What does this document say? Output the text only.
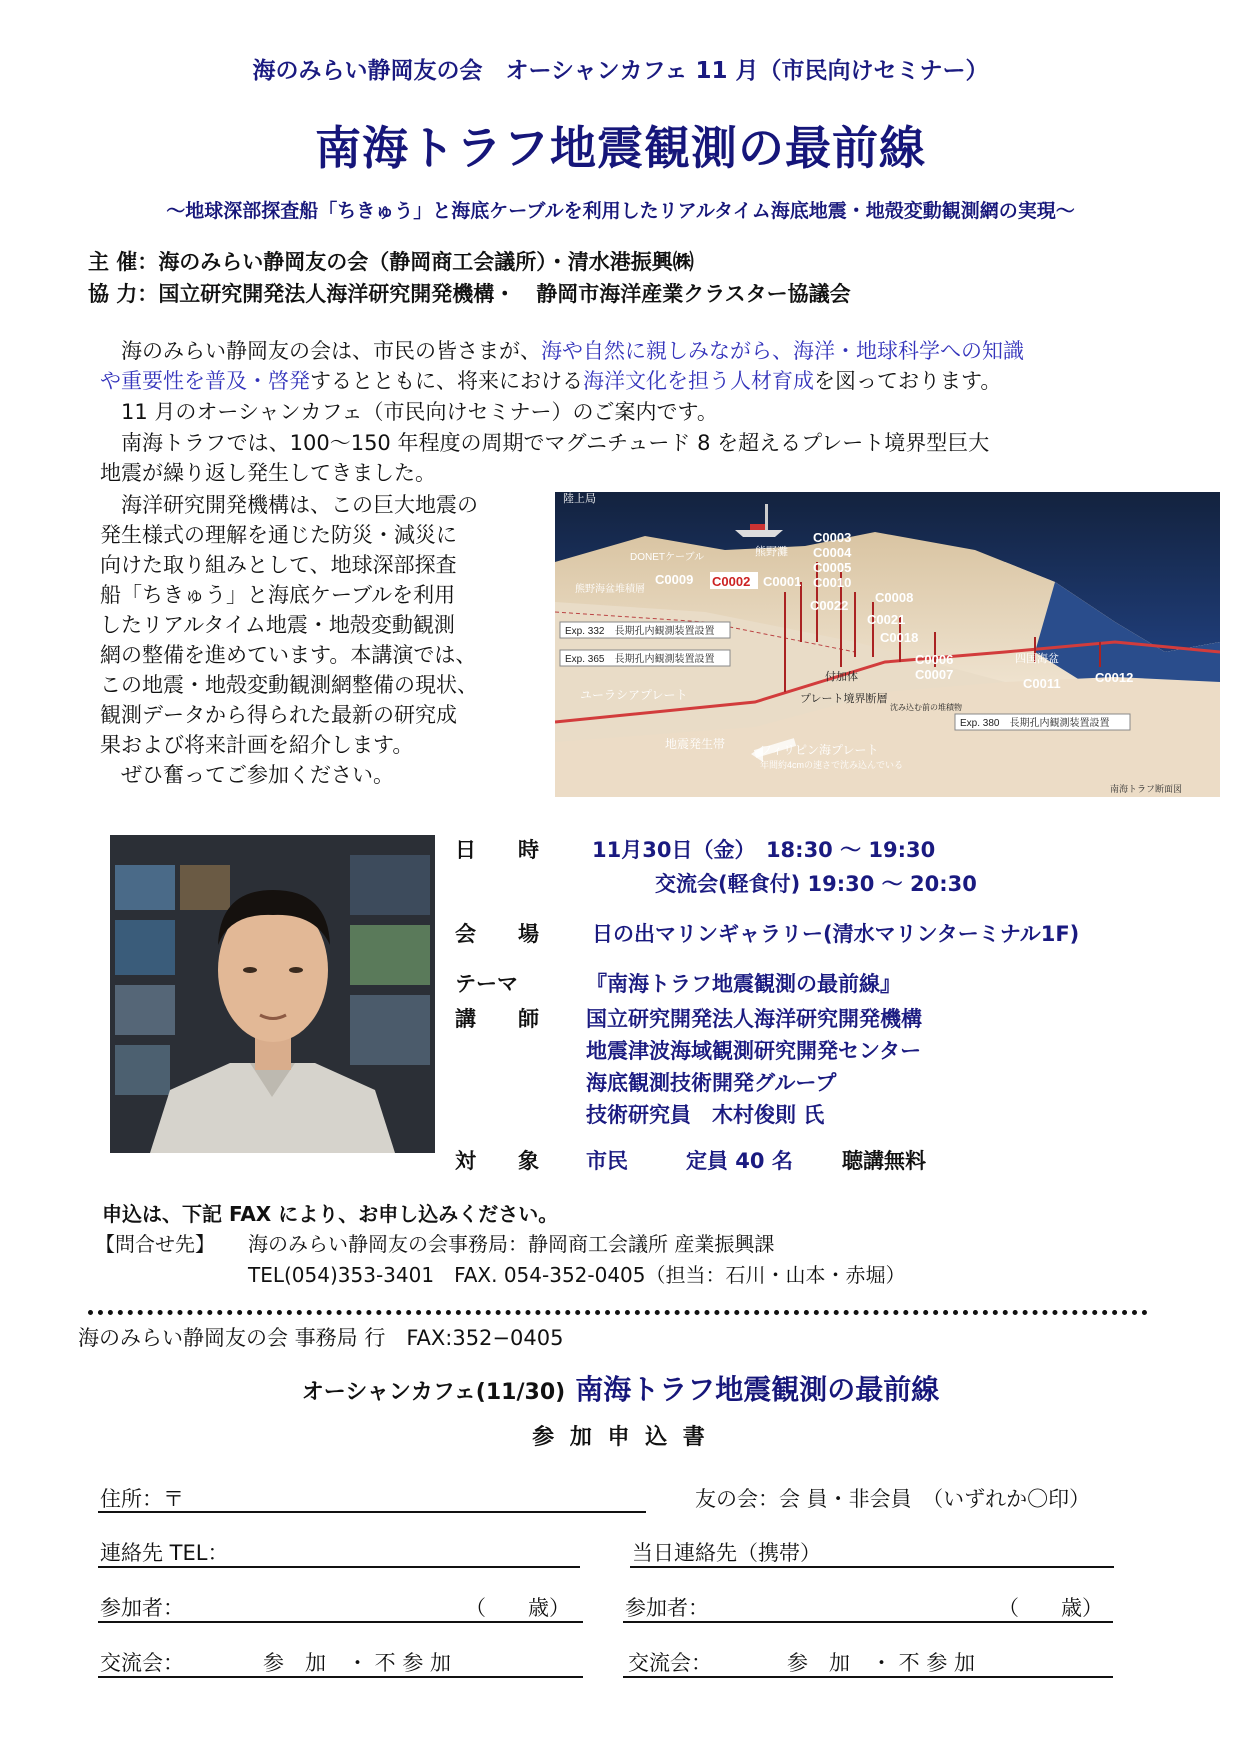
海のみらい静岡友の会　オーシャンカフェ 11 月（市民向けセミナー）
南海トラフ地震観測の最前線
〜地球深部探査船「ちきゅう」と海底ケーブルを利用したリアルタイム海底地震・地殻変動観測網の実現〜
主 催：海のみらい静岡友の会（静岡商工会議所）・清水港振興㈱
協 力：国立研究開発法人海洋研究開発機構・　静岡市海洋産業クラスター協議会
　海のみらい静岡友の会は、市民の皆さまが、海や自然に親しみながら、海洋・地球科学への知識
や重要性を普及・啓発するとともに、将来における海洋文化を担う人材育成を図っております。
　11 月のオーシャンカフェ（市民向けセミナー）のご案内です。
　南海トラフでは、100〜150 年程度の周期でマグニチュード 8 を超えるプレート境界型巨大
地震が繰り返し発生してきました。
　海洋研究開発機構は、この巨大地震の
発生様式の理解を通じた防災・減災に
向けた取り組みとして、地球深部探査
船「ちきゅう」と海底ケーブルを利用
したリアルタイム地震・地殻変動観測
網の整備を進めています。本講演では、
この地震・地殻変動観測網整備の現状、
観測データから得られた最新の研究成
果および将来計画を紹介します。
　ぜひ奮ってご参加ください。
陸上局
DONETケーブル	熊野灘
熊野海盆堆積層
C0003
C0004
C0005
C0010
C0009 C0002 C0001
C0022
C0008
C0021
C0018
C0006
C0007
C0011	C0012
Exp. 332　長期孔内観測装置設置
Exp. 365　長期孔内観測装置設置
Exp. 380　長期孔内観測装置設置
ユーラシアプレート
付加体
プレート境界断層
沈み込む前の堆積物
地震発生帯
四国海盆
フィリピン海プレート
年間約4cmの速さで沈み込んでいる
南海トラフ断面図
日　　時	11月30日（金）　18:30 〜 19:30
交流会(軽食付) 19:30 〜 20:30
会　　場	日の出マリンギャラリー(清水マリンターミナル1F)
テーマ	『南海トラフ地震観測の最前線』
講　　師 国立研究開発法人海洋研究開発機構
地震津波海域観測研究開発センター
海底観測技術開発グループ
技術研究員　木村俊則 氏
対　　象 市民	定員 40 名 聴講無料
申込は、下記 FAX により、お申し込みください。
【問合せ先】 海のみらい静岡友の会事務局：静岡商工会議所 産業振興課
TEL(054)353-3401　FAX. 054-352-0405（担当：石川・山本・赤堀）
海のみらい静岡友の会 事務局 行　FAX:352−0405
オーシャンカフェ(11/30) 南海トラフ地震観測の最前線
参 加 申 込 書
住所：〒	友の会：会 員・非会員　（いずれか〇印）
連絡先 TEL：	当日連絡先（携帯）
参加者：	（　　歳）	参加者：	（　　歳）
交流会：	参　加　・ 不 参 加	交流会：	参　加　・ 不 参 加
